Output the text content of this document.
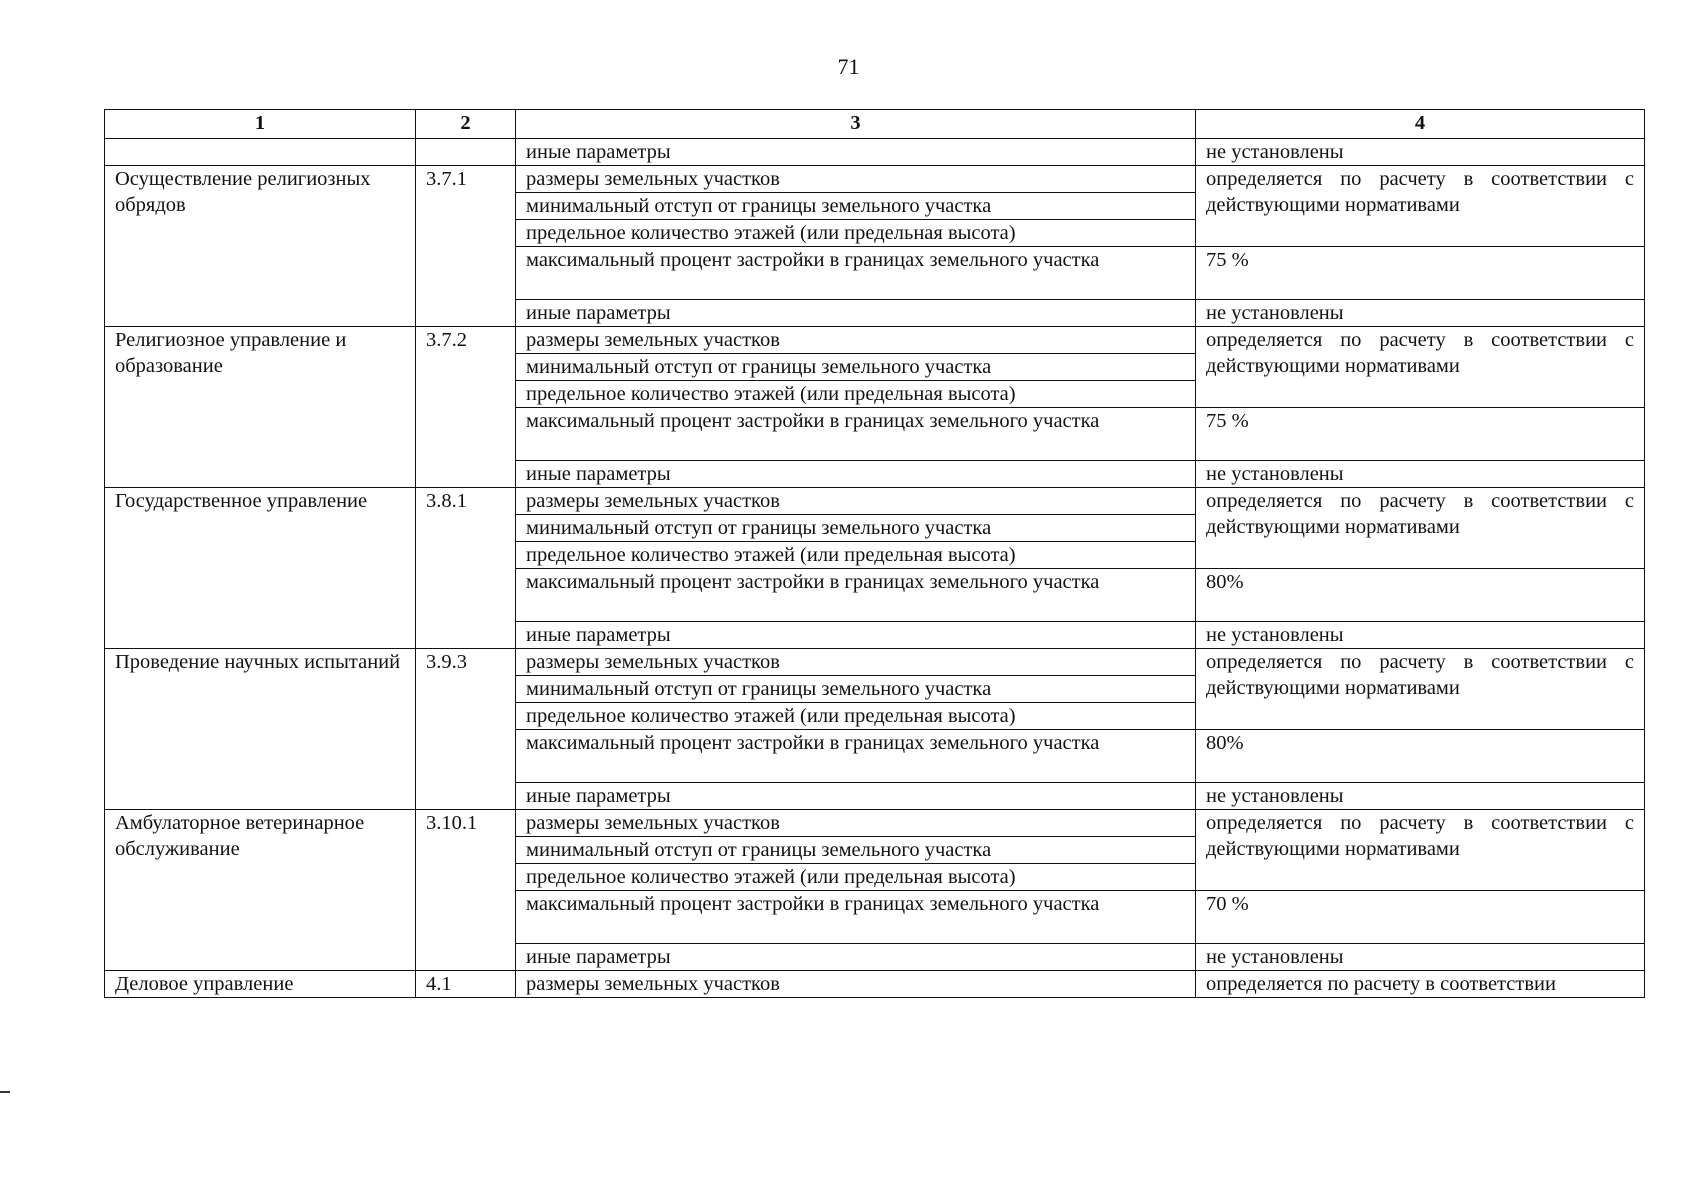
71
1	2	3	4
		иные параметры	не установлены
Осуществление религиозных обрядов	3.7.1	размеры земельных участков	определяется по расчету в соответствии с действующими нормативами
		минимальный отступ от границы земельного участка	
		предельное количество этажей (или предельная высота)	
		максимальный процент застройки в границах земельного участка	75 %
		иные параметры	не установлены
Религиозное управление и образование	3.7.2	размеры земельных участков	определяется по расчету в соответствии с действующими нормативами
		минимальный отступ от границы земельного участка	
		предельное количество этажей (или предельная высота)	
		максимальный процент застройки в границах земельного участка	75 %
		иные параметры	не установлены
Государственное управление	3.8.1	размеры земельных участков	определяется по расчету в соответствии с действующими нормативами
		минимальный отступ от границы земельного участка	
		предельное количество этажей (или предельная высота)	
		максимальный процент застройки в границах земельного участка	80%
		иные параметры	не установлены
Проведение научных испытаний	3.9.3	размеры земельных участков	определяется по расчету в соответствии с действующими нормативами
		минимальный отступ от границы земельного участка	
		предельное количество этажей (или предельная высота)	
		максимальный процент застройки в границах земельного участка	80%
		иные параметры	не установлены
Амбулаторное ветеринарное обслуживание	3.10.1	размеры земельных участков	определяется по расчету в соответствии с действующими нормативами
		минимальный отступ от границы земельного участка	
		предельное количество этажей (или предельная высота)	
		максимальный процент застройки в границах земельного участка	70 %
		иные параметры	не установлены
Деловое управление	4.1	размеры земельных участков	определяется по расчету в соответствии
